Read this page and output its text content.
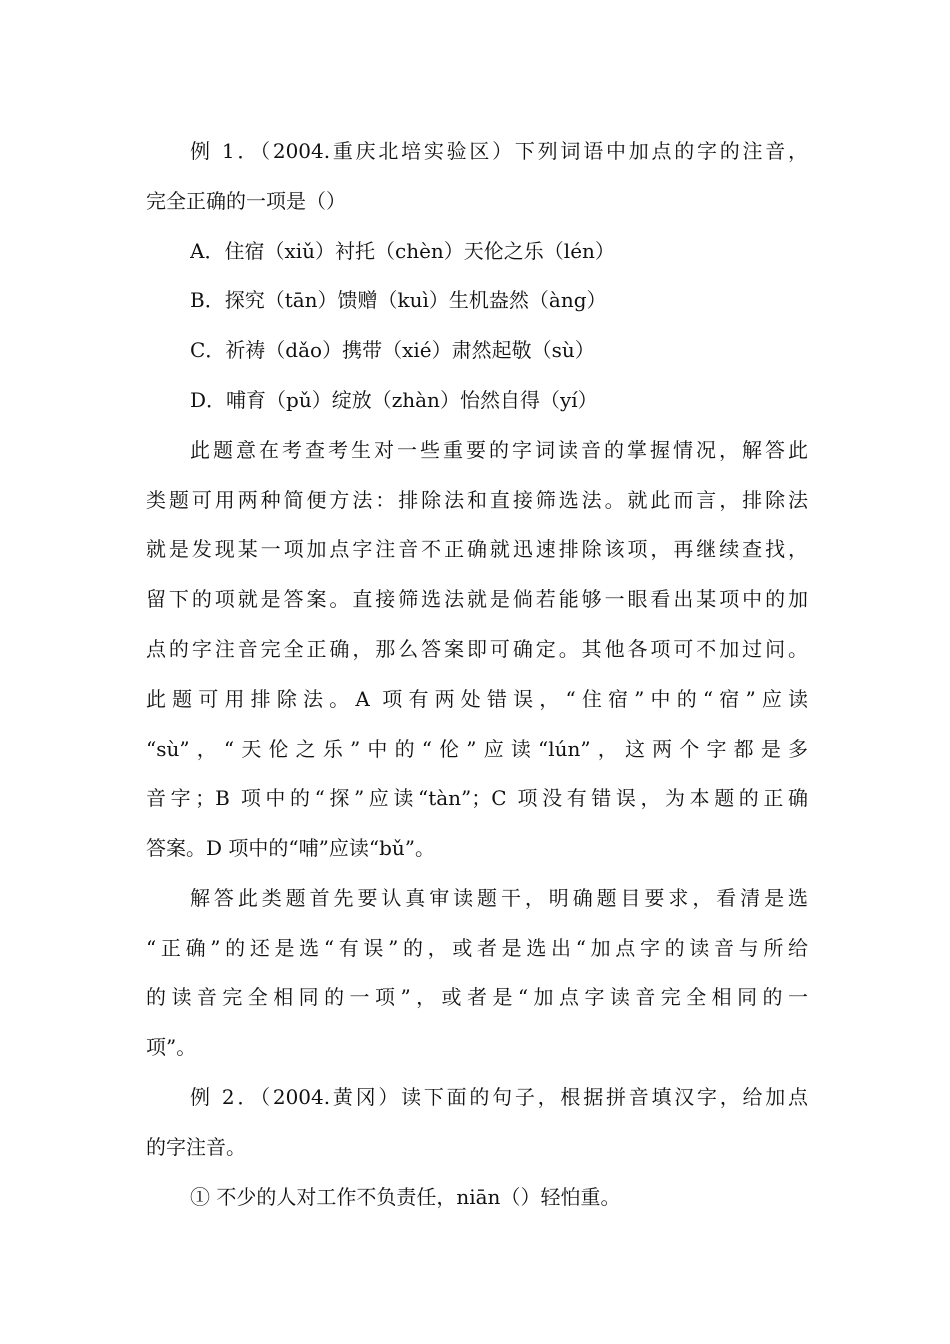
例 1．（2004.重庆北培实验区）下列词语中加点的字的注音，
完全正确的一项是（）
A．住宿（xiǔ）衬托（chèn）天伦之乐（lén）
B．探究（tān）馈赠（kuì）生机盎然（àng）
C．祈祷（dǎo）携带（xié）肃然起敬（sù）
D．哺育（pǔ）绽放（zhàn）怡然自得（yí）
此题意在考查考生对一些重要的字词读音的掌握情况，解答此
类题可用两种简便方法：排除法和直接筛选法。就此而言，排除法
就是发现某一项加点字注音不正确就迅速排除该项，再继续查找，
留下的项就是答案。直接筛选法就是倘若能够一眼看出某项中的加
点的字注音完全正确，那么答案即可确定。其他各项可不加过问。
此题可用排除法。A 项有两处错误，“住宿”中的“宿”应读
“sù”，“天伦之乐”中的“伦”应读“lún”，这两个字都是多
音字；B 项中的“探”应读“tàn”；C 项没有错误，为本题的正确
答案。D 项中的“哺”应读“bǔ”。
解答此类题首先要认真审读题干，明确题目要求，看清是选
“正确”的还是选“有误”的，或者是选出“加点字的读音与所给
的读音完全相同的一项”，或者是“加点字读音完全相同的一
项”。
例 2．（2004.黄冈）读下面的句子，根据拼音填汉字，给加点
的字注音。
① 不少的人对工作不负责任，niān（）轻怕重。
